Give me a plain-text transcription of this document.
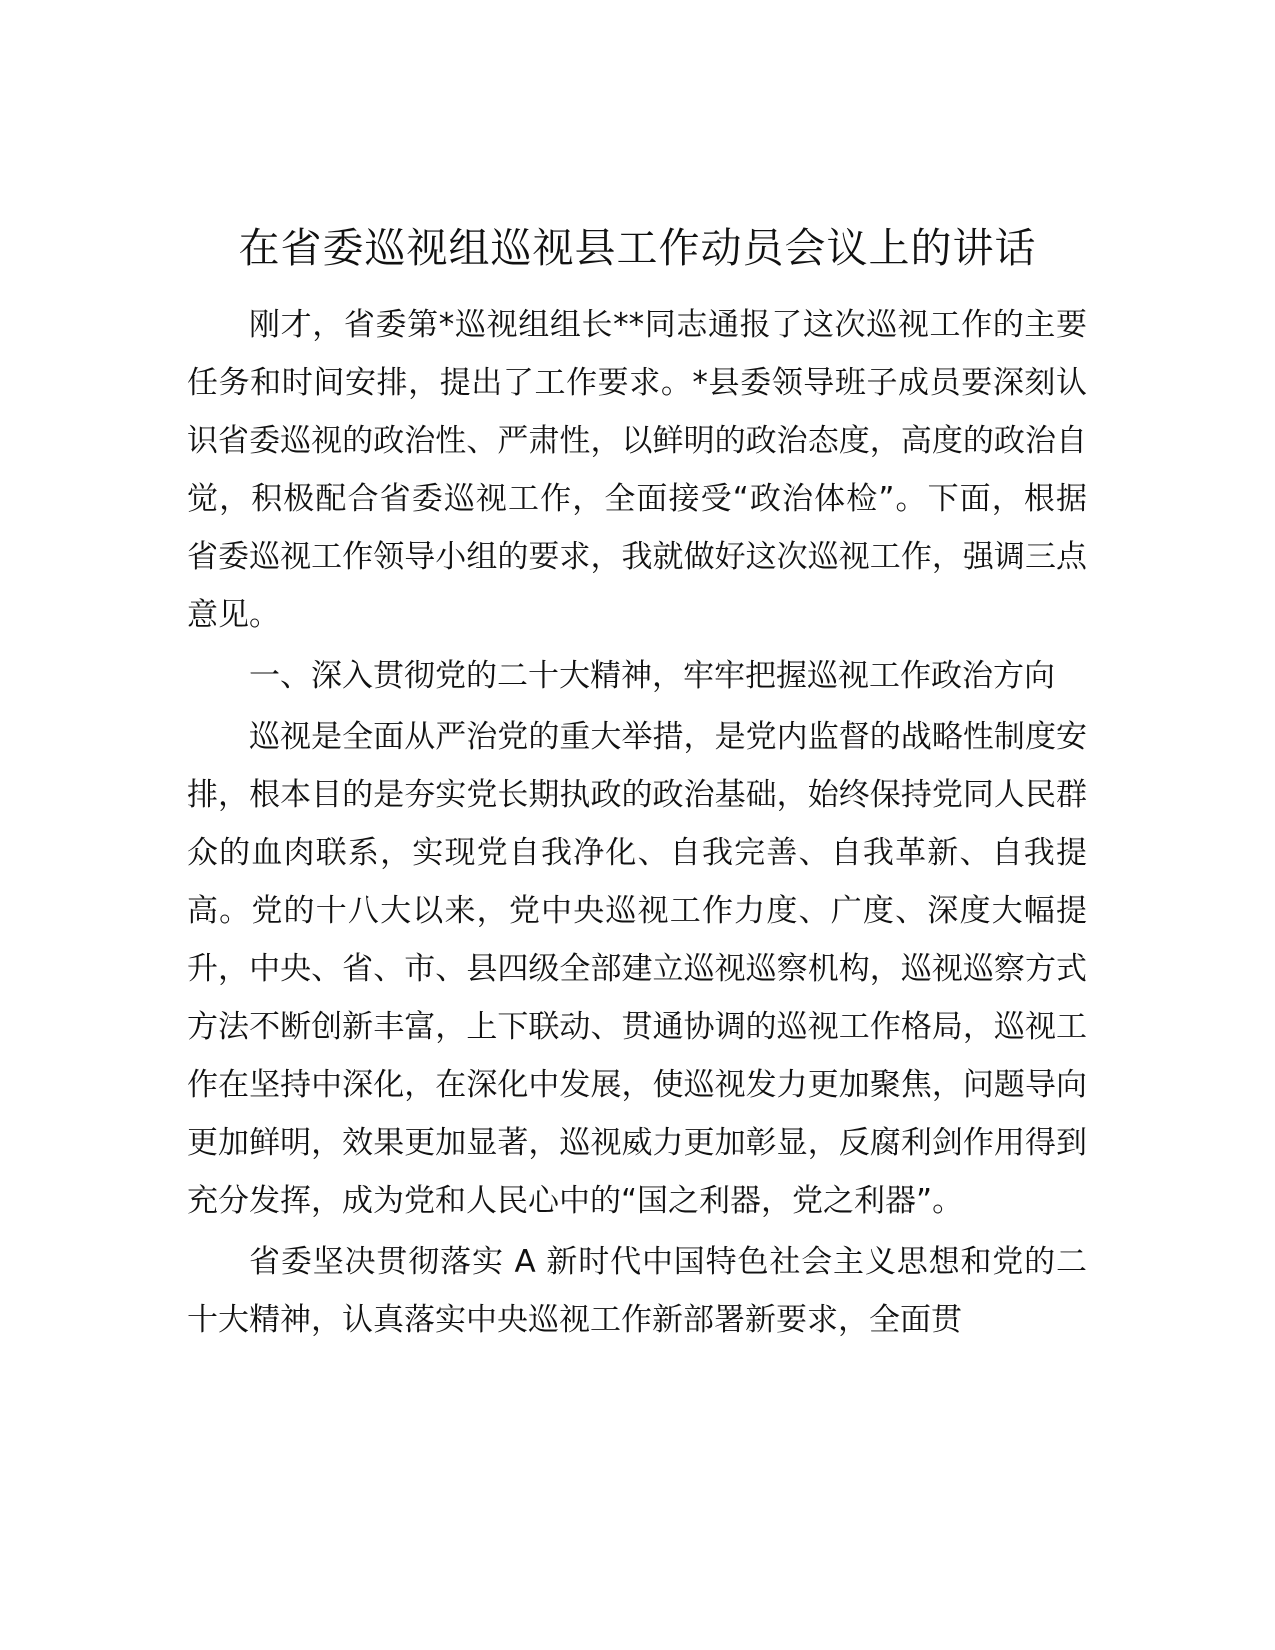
在省委巡视组巡视县工作动员会议上的讲话

刚才，省委第*巡视组组长**同志通报了这次巡视工作的主要任务和时间安排，提出了工作要求。*县委领导班子成员要深刻认识省委巡视的政治性、严肃性，以鲜明的政治态度，高度的政治自觉，积极配合省委巡视工作，全面接受“政治体检”。下面，根据省委巡视工作领导小组的要求，我就做好这次巡视工作，强调三点意见。

一、深入贯彻党的二十大精神，牢牢把握巡视工作政治方向

巡视是全面从严治党的重大举措，是党内监督的战略性制度安排，根本目的是夯实党长期执政的政治基础，始终保持党同人民群众的血肉联系，实现党自我净化、自我完善、自我革新、自我提高。党的十八大以来，党中央巡视工作力度、广度、深度大幅提升，中央、省、市、县四级全部建立巡视巡察机构，巡视巡察方式方法不断创新丰富，上下联动、贯通协调的巡视工作格局，巡视工作在坚持中深化，在深化中发展，使巡视发力更加聚焦，问题导向更加鲜明，效果更加显著，巡视威力更加彰显，反腐利剑作用得到充分发挥，成为党和人民心中的“国之利器，党之利器”。

省委坚决贯彻落实 A 新时代中国特色社会主义思想和党的二十大精神，认真落实中央巡视工作新部署新要求，全面贯
